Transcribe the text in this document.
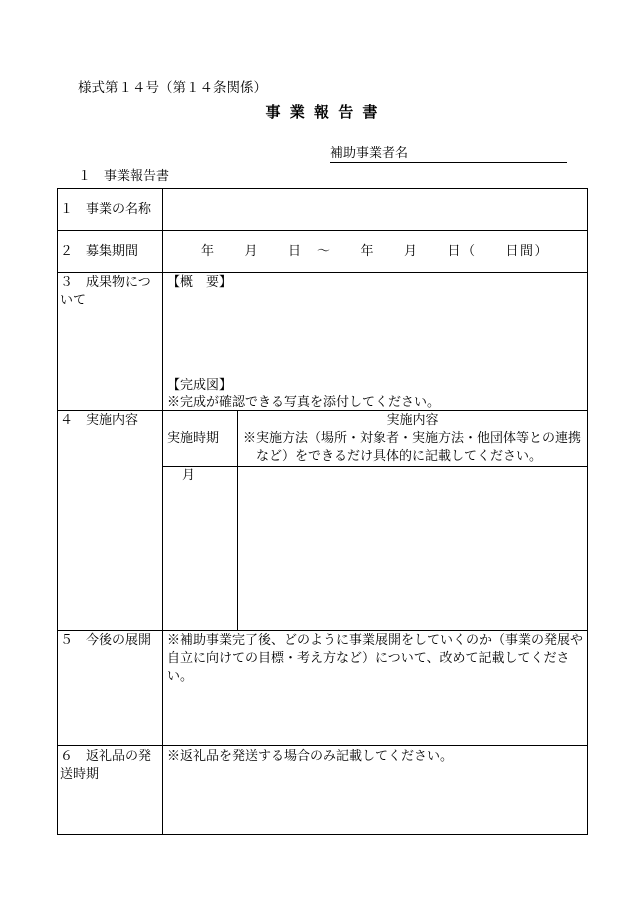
様式第１４号（第１４条関係）
事 業 報 告 書
補助事業者名
１　事業報告書
１　事業の名称
２　募集期間	年　　月　　日　～　　年　　月　　日（　　日間）
３　成果物につ
いて
【概　要】
【完成図】
※完成が確認できる写真を添付してください。
４　実施内容
実施時期
実施内容
※実施方法（場所・対象者・実施方法・他団体等との連携
など）をできるだけ具体的に記載してください。
月
５　今後の展開	※補助事業完了後、どのように事業展開をしていくのか（事業の発展や
自立に向けての目標・考え方など）について、改めて記載してくださ
い。
６　返礼品の発
送時期
※返礼品を発送する場合のみ記載してください。
